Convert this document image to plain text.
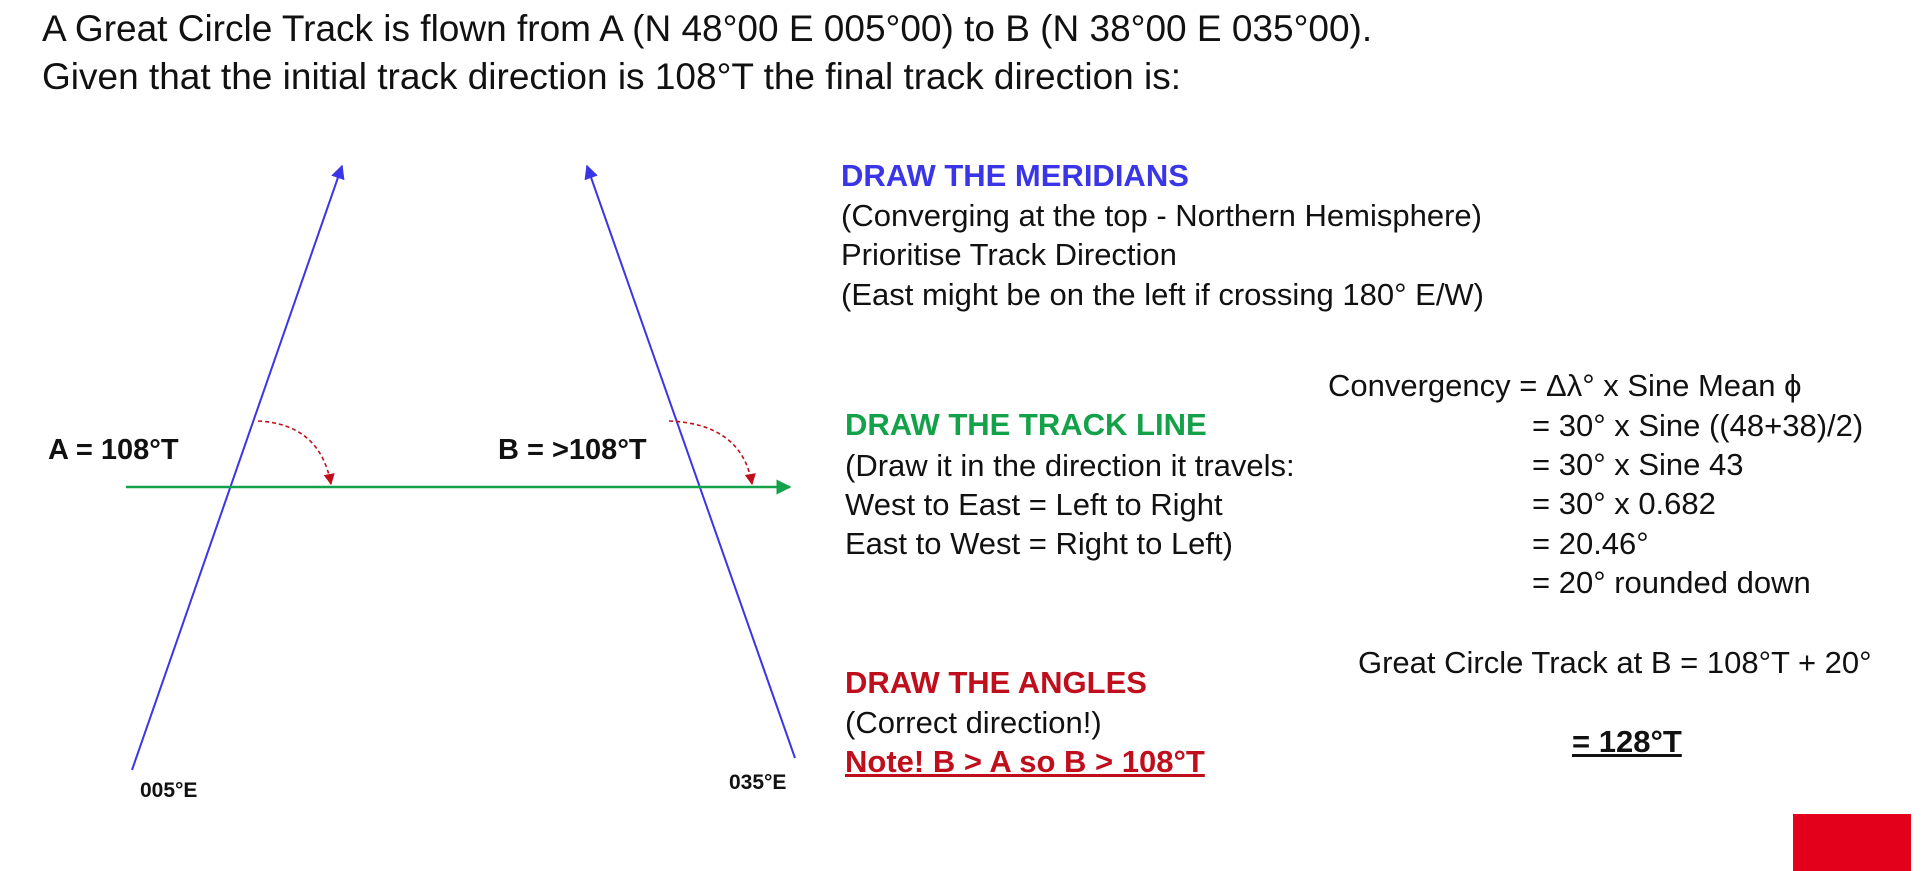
A Great Circle Track is flown from A (N 48°00 E 005°00) to B (N 38°00 E 035°00).
Given that the initial track direction is 108°T the final track direction is:
A = 108°T	B = >108°T
005°E	035°E
DRAW THE MERIDIANS
(Converging at the top - Northern Hemisphere)
Prioritise Track Direction
(East might be on the left if crossing 180° E/W)
DRAW THE TRACK LINE
(Draw it in the direction it travels:
West to East = Left to Right
East to West = Right to Left)
DRAW THE ANGLES
(Correct direction!)
Note! B > A so B > 108°T
Convergency = Δλ° x Sine Mean ϕ
= 30° x Sine ((48+38)/2)
= 30° x Sine 43
= 30° x 0.682
= 20.46°
= 20° rounded down
Great Circle Track at B = 108°T + 20°
= 128°T
